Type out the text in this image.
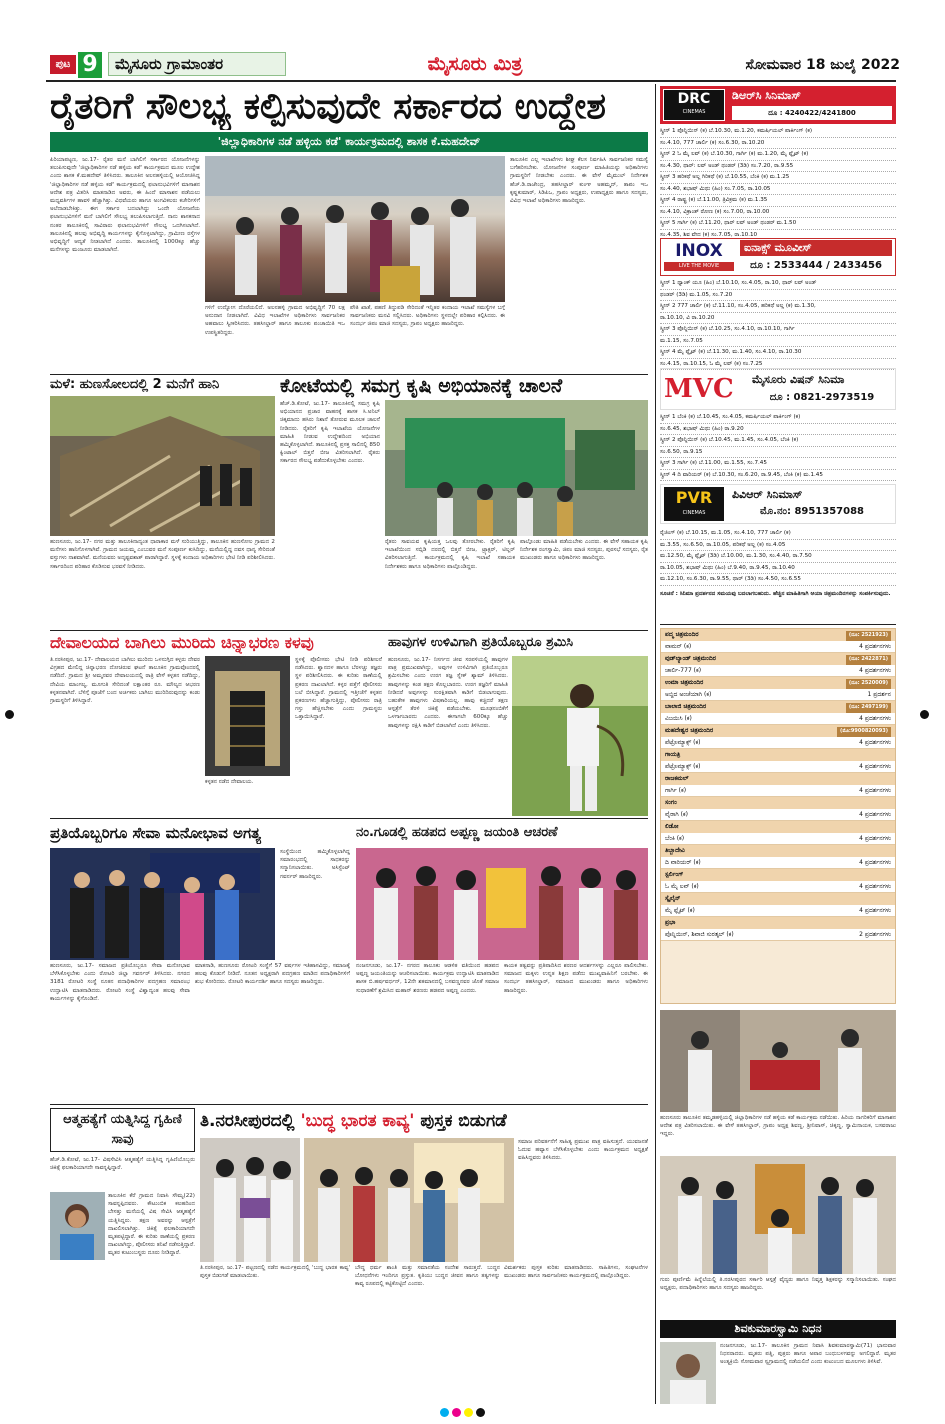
ಪುಟ 9	ಮೈಸೂರು ಗ್ರಾಮಾಂತರ	ಮೈಸೂರು ಮಿತ್ರ	ಸೋಮವಾರ 18 ಜುಲೈ 2022
ರೈತರಿಗೆ ಸೌಲಭ್ಯ ಕಲ್ಪಿಸುವುದೇ ಸರ್ಕಾರದ ಉದ್ದೇಶ
'ಜಿಲ್ಲಾಧಿಕಾರಿಗಳ ನಡೆ ಹಳ್ಳಿಯ ಕಡೆ' ಕಾರ್ಯಕ್ರಮದಲ್ಲಿ ಶಾಸಕ ಕೆ.ಮಹದೇವ್
ಪಿರಿಯಾಪಟ್ಟಣ, ಜು.17- ರೈತರ ಮನೆ ಬಾಗಿಲಿಗೆ ಸರ್ಕಾರದ ಯೋಜನೆಗಳನ್ನು ತಲುಪಿಸುವುದೇ 'ಜಿಲ್ಲಾಧಿಕಾರಿಗಳ ನಡೆ ಹಳ್ಳಿಯ ಕಡೆ' ಕಾರ್ಯಕ್ರಮದ ಮೂಲ ಉದ್ದೇಶ ಎಂದು ಶಾಸಕ ಕೆ.ಮಹದೇವ್ ತಿಳಿಸಿದರು. ತಾಲೂಕಿನ ಅಲನಹಳ್ಳಿಯಲ್ಲಿ ಆಯೋಜಿಸಿದ್ದ 'ಜಿಲ್ಲಾಧಿಕಾರಿಗಳ ನಡೆ ಹಳ್ಳಿಯ ಕಡೆ' ಕಾರ್ಯಕ್ರಮದಲ್ಲಿ ಫಲಾನುಭವಿಗಳಿಗೆ ಮಾಸಾಶನ ಆದೇಶ ಪತ್ರ ವಿತರಿಸಿ ಮಾತನಾಡಿದ ಅವರು, ಈ ಹಿಂದೆ ಮಾಸಾಶನ ಪಡೆಯಲು ಮಧ್ಯವರ್ತಿಗಳ ಹಾವಳಿ ಹೆಚ್ಚಾಗಿತ್ತು. ವಿಧವೆಯರು ಹಾಗೂ ಅಂಗವಿಕಲರು ಕಚೇರಿಗಳಿಗೆ ಅಲೆದಾಡಬೇಕಿತ್ತು. ಈಗ ಸರ್ಕಾರ ಬದಲಾಗಿದ್ದು ಒಂದೇ ಯೋಜನೆಯ ಫಲಾನುಭವಿಗಳಿಗೆ ಮನೆ ಬಾಗಿಲಿಗೆ ಸೌಲಭ್ಯ ತಲುಪಿಸಲಾಗುತ್ತಿದೆ. ನಾನು ಶಾಸಕನಾದ ನಂತರ ತಾಲೂಕಿನಲ್ಲಿ ಸಾವಿರಾರು ಫಲಾನುಭವಿಗಳಿಗೆ ಸೌಲಭ್ಯ ಒದಗಿಸಲಾಗಿದೆ. ತಾಲೂಕಿನಲ್ಲಿ ಹಲವು ಅಭಿವೃದ್ಧಿ ಕಾರ್ಯಗಳನ್ನು ಕೈಗೊಳ್ಳಲಾಗಿದ್ದು, ಗ್ರಾಮೀಣ ರಸ್ತೆಗಳ ಅಭಿವೃದ್ಧಿಗೆ ಆದ್ಯತೆ ನೀಡಲಾಗಿದೆ ಎಂದರು. ತಾಲೂಕಿನಲ್ಲಿ 1000ಕ್ಕೂ ಹೆಚ್ಚು ಮನೆಗಳನ್ನು ಮಂಜೂರು ಮಾಡಲಾಗಿದೆ.
ಗಳಿಗೆ ಉದ್ಯೋಗ ದೊರೆಯಲಿದೆ. ಅಲನಹಳ್ಳಿ ಗ್ರಾಮದ ಅಭಿವೃದ್ಧಿಗೆ 70 ಲಕ್ಷ ಅನುದಾನ ನೀಡಲಾಗಿದೆ. ವಿವಿಧ ಇಲಾಖೆಗಳ ಅಧಿಕಾರಿಗಳು ಸಾರ್ವಜನಿಕರ ಅಹವಾಲು ಸ್ವೀಕರಿಸಿದರು. ತಹಸೀಲ್ದಾರ್ ಹಾಗೂ ತಾಲೂಕು ಪಂಚಾಯಿತಿ ಇಒ ಉಪಸ್ಥಿತರಿದ್ದರು.
ಪೌತಿ ಖಾತೆ, ಪಹಣಿ ತಿದ್ದುಪಡಿ ಸೇರಿದಂತೆ ಇನ್ನಿತರ ಕಂದಾಯ ಇಲಾಖೆ ಸಮಸ್ಯೆಗಳ ಬಗ್ಗೆ ಸಾರ್ವಜನಿಕರು ಮನವಿ ಸಲ್ಲಿಸಿದರು. ಅಧಿಕಾರಿಗಳು ಸ್ಥಳದಲ್ಲೇ ಪರಿಹಾರ ಕಲ್ಪಿಸಿದರು. ಈ ಸಂದರ್ಭ ಜಿಪಂ ಮಾಜಿ ಸದಸ್ಯರು, ಗ್ರಾಪಂ ಅಧ್ಯಕ್ಷರು ಹಾಜರಿದ್ದರು.
ತಾಲೂಕಿನ ಎಲ್ಲ ಇಲಾಖೆಗಳು ಶೀಘ್ರ ಕೆಲಸ ನಿರ್ವಹಿಸಿ ಸಾರ್ವಜನಿಕರ ಸಮಸ್ಯೆ ಬಗೆಹರಿಸಬೇಕು. ಯೋಜನೆಗಳ ಸಂಪೂರ್ಣ ಮಾಹಿತಿಯನ್ನು ಅಧಿಕಾರಿಗಳು ಗ್ರಾಮಸ್ಥರಿಗೆ ನೀಡಬೇಕು ಎಂದರು. ಈ ವೇಳೆ ಮೈಮುಲ್ ನಿರ್ದೇಶಕ ಹೆಚ್.ಡಿ.ರಾಜೇಂದ್ರ, ತಹಸೀಲ್ದಾರ್ ಕುಂಞ ಅಹಮ್ಮದ್, ತಾಪಂ ಇಒ ಕೃಷ್ಣಕುಮಾರ್, ಸಿಡಿಪಿಒ, ಗ್ರಾಪಂ ಅಧ್ಯಕ್ಷರು, ಉಪಾಧ್ಯಕ್ಷರು ಹಾಗೂ ಸದಸ್ಯರು, ವಿವಿಧ ಇಲಾಖೆ ಅಧಿಕಾರಿಗಳು ಹಾಜರಿದ್ದರು.
ಮಳೆ: ಹುಣಸೋಲದಲ್ಲಿ 2 ಮನೆಗೆ ಹಾನಿ
ಹುಣಸೂರು, ಜು.17- ನಗರ ಮತ್ತು ತಾಲೂಕಿನಾದ್ಯಂತ ಧಾರಾಕಾರ ಮಳೆ ಸುರಿಯುತ್ತಿದ್ದು, ತಾಲೂಕಿನ ಹುಣಸೋಲ ಗ್ರಾಮದ 2 ಮನೆಗಳು ಹಾನಿಗೊಳಗಾಗಿವೆ. ಗ್ರಾಮದ ಜಯಮ್ಮ ಎಂಬುವರ ಮನೆ ಸಂಪೂರ್ಣ ಕುಸಿದಿದ್ದು, ಮನೆಯಲ್ಲಿದ್ದ ದವಸ ಧಾನ್ಯ ಸೇರಿದಂತೆ ವಸ್ತುಗಳು ನಾಶವಾಗಿವೆ. ಮನೆಯವರು ಅದೃಷ್ಟವಶಾತ್ ಪಾರಾಗಿದ್ದಾರೆ. ಸ್ಥಳಕ್ಕೆ ಕಂದಾಯ ಅಧಿಕಾರಿಗಳು ಭೇಟಿ ನೀಡಿ ಪರಿಶೀಲಿಸಿದರು. ಸರ್ಕಾರದಿಂದ ಪರಿಹಾರ ಕೊಡಿಸುವ ಭರವಸೆ ನೀಡಿದರು.
ಕೋಟೆಯಲ್ಲಿ ಸಮಗ್ರ ಕೃಷಿ ಅಭಿಯಾನಕ್ಕೆ ಚಾಲನೆ
ಹೆಚ್.ಡಿ.ಕೋಟೆ, ಜು.17- ತಾಲೂಕಿನಲ್ಲಿ ಸಮಗ್ರ ಕೃಷಿ ಅಭಿಯಾನದ ಪ್ರಚಾರ ವಾಹನಕ್ಕೆ ಶಾಸಕ ಸಿ.ಅನಿಲ್ ಚಿಕ್ಕಮಾದು ಹಸಿರು ನಿಶಾನೆ ತೋರುವ ಮೂಲಕ ಚಾಲನೆ ನೀಡಿದರು. ರೈತರಿಗೆ ಕೃಷಿ ಇಲಾಖೆಯ ಯೋಜನೆಗಳ ಮಾಹಿತಿ ನೀಡುವ ಉದ್ದೇಶದಿಂದ ಅಭಿಯಾನ ಹಮ್ಮಿಕೊಳ್ಳಲಾಗಿದೆ. ತಾಲೂಕಿನಲ್ಲಿ ಪ್ರಸಕ್ತ ಸಾಲಿನಲ್ಲಿ 850 ಕ್ವಿಂಟಾಲ್ ಬಿತ್ತನೆ ಬೀಜ ವಿತರಿಸಲಾಗಿದೆ. ರೈತರು ಸರ್ಕಾರದ ಸೌಲಭ್ಯ ಪಡೆದುಕೊಳ್ಳಬೇಕು ಎಂದರು.
ರೈತರು ಸಾವಯವ ಕೃಷಿಯತ್ತ ಒಲವು ತೋರಬೇಕು. ರೈತರಿಗೆ ಕೃಷಿ ಇಲಾಖೆಯಿಂದ ಸಬ್ಸಿಡಿ ದರದಲ್ಲಿ ಬಿತ್ತನೆ ಬೀಜ, ಟ್ರ್ಯಾಕ್ಟರ್, ಟಿಲ್ಲರ್ ವಿತರಿಸಲಾಗುತ್ತಿದೆ. ಕಾರ್ಯಕ್ರಮದಲ್ಲಿ ಕೃಷಿ ಇಲಾಖೆ ಸಹಾಯಕ ನಿರ್ದೇಶಕರು ಹಾಗೂ ಅಧಿಕಾರಿಗಳು ಪಾಲ್ಗೊಂಡಿದ್ದರು.
ಪಾಲ್ಗೊಂಡು ಮಾಹಿತಿ ಪಡೆಯಬೇಕು ಎಂದರು. ಈ ವೇಳೆ ಸಹಾಯಕ ಕೃಷಿ ನಿರ್ದೇಶಕ ರಂಗಸ್ವಾಮಿ, ಜಿಪಂ ಮಾಜಿ ಸದಸ್ಯರು, ಪುರಸಭೆ ಸದಸ್ಯರು, ರೈತ ಮುಖಂಡರು ಹಾಗೂ ಅಧಿಕಾರಿಗಳು ಹಾಜರಿದ್ದರು.
ದೇವಾಲಯದ ಬಾಗಿಲು ಮುರಿದು ಚಿನ್ನಾಭರಣ ಕಳವು
ತಿ.ನರಸೀಪುರ, ಜು.17- ದೇವಾಲಯದ ಬಾಗಿಲು ಮುರಿದು ಒಳನುಗ್ಗಿದ ಕಳ್ಳರು ದೇವರ ವಿಗ್ರಹದ ಮೇಲಿದ್ದ ಚಿನ್ನಾಭರಣ ದೋಚಿರುವ ಘಟನೆ ತಾಲೂಕಿನ ಗ್ರಾಮವೊಂದರಲ್ಲಿ ನಡೆದಿದೆ. ಗ್ರಾಮದ ಶ್ರೀ ಅಮ್ಮನವರ ದೇವಾಲಯದಲ್ಲಿ ರಾತ್ರಿ ವೇಳೆ ಕಳ್ಳತನ ನಡೆದಿದ್ದು, ದೇವಿಯ ಮಾಂಗಲ್ಯ, ಮೂಗುತಿ ಸೇರಿದಂತೆ ಲಕ್ಷಾಂತರ ರೂ. ಮೌಲ್ಯದ ಆಭರಣ ಕಳ್ಳತನವಾಗಿದೆ. ಬೆಳಿಗ್ಗೆ ಪೂಜೆಗೆ ಬಂದ ಅರ್ಚಕರು ಬಾಗಿಲು ಮುರಿದಿರುವುದನ್ನು ಕಂಡು ಗ್ರಾಮಸ್ಥರಿಗೆ ತಿಳಿಸಿದ್ದಾರೆ.
ಕಳ್ಳತನ ನಡೆದ ದೇವಾಲಯ.
ಸ್ಥಳಕ್ಕೆ ಪೊಲೀಸರು ಭೇಟಿ ನೀಡಿ ಪರಿಶೀಲನೆ ನಡೆಸಿದರು. ಶ್ವಾನದಳ ಹಾಗೂ ಬೆರಳಚ್ಚು ತಜ್ಞರು ಸ್ಥಳ ಪರಿಶೀಲಿಸಿದರು. ಈ ಕುರಿತು ಠಾಣೆಯಲ್ಲಿ ಪ್ರಕರಣ ದಾಖಲಾಗಿದೆ. ಕಳ್ಳರ ಪತ್ತೆಗೆ ಪೊಲೀಸರು ಬಲೆ ಬೀಸಿದ್ದಾರೆ. ಗ್ರಾಮದಲ್ಲಿ ಇತ್ತೀಚೆಗೆ ಕಳ್ಳತನ ಪ್ರಕರಣಗಳು ಹೆಚ್ಚಾಗುತ್ತಿದ್ದು, ಪೊಲೀಸರು ರಾತ್ರಿ ಗಸ್ತು ಹೆಚ್ಚಿಸಬೇಕು ಎಂದು ಗ್ರಾಮಸ್ಥರು ಒತ್ತಾಯಿಸಿದ್ದಾರೆ.
ಹಾವುಗಳ ಉಳಿವಿಗಾಗಿ ಪ್ರತಿಯೊಬ್ಬರೂ ಶ್ರಮಿಸಿ
ಹುಣಸೂರು, ಜು.17- ನಿಸರ್ಗದ ಜೀವ ಸರಪಳಿಯಲ್ಲಿ ಹಾವುಗಳ ಪಾತ್ರ ಪ್ರಮುಖವಾಗಿದ್ದು, ಅವುಗಳ ಉಳಿವಿಗಾಗಿ ಪ್ರತಿಯೊಬ್ಬರೂ ಶ್ರಮಿಸಬೇಕು ಎಂದು ಉರಗ ತಜ್ಞ ಸ್ನೇಕ್ ಶ್ಯಾಮ್ ತಿಳಿಸಿದರು. ಹಾವುಗಳನ್ನು ಕಂಡ ತಕ್ಷಣ ಕೊಲ್ಲಬಾರದು. ಉರಗ ತಜ್ಞರಿಗೆ ಮಾಹಿತಿ ನೀಡಿದರೆ ಅವುಗಳನ್ನು ಸುರಕ್ಷಿತವಾಗಿ ಕಾಡಿಗೆ ಬಿಡಲಾಗುವುದು. ಬಹುತೇಕ ಹಾವುಗಳು ವಿಷಕಾರಿಯಲ್ಲ. ಹಾವು ಕಚ್ಚಿದರೆ ತಕ್ಷಣ ಆಸ್ಪತ್ರೆಗೆ ತೆರಳಿ ಚಿಕಿತ್ಸೆ ಪಡೆಯಬೇಕು. ಮೂಢನಂಬಿಕೆಗೆ ಒಳಗಾಗಬಾರದು ಎಂದರು. ಈಗಾಗಲೇ 600ಕ್ಕೂ ಹೆಚ್ಚು ಹಾವುಗಳನ್ನು ರಕ್ಷಿಸಿ ಕಾಡಿಗೆ ಬಿಡಲಾಗಿದೆ ಎಂದು ತಿಳಿಸಿದರು.
ಪ್ರತಿಯೊಬ್ಬರಿಗೂ ಸೇವಾ ಮನೋಭಾವ ಅಗತ್ಯ
ಸಂಸ್ಥೆಯಿಂದ ಹಮ್ಮಿಕೊಳ್ಳಲಾಗಿದ್ದ ಸಮಾರಂಭದಲ್ಲಿ ಸಾಧಕರನ್ನು ಸನ್ಮಾನಿಸಲಾಯಿತು. ಅಸಿಸ್ಟೆಂಟ್ ಗವರ್ನರ್ ಹಾಜರಿದ್ದರು.
ಹುಣಸೂರು, ಜು.17- ಸಮಾಜದ ಪ್ರತಿಯೊಬ್ಬರೂ ಸೇವಾ ಮನೋಭಾವ ಬೆಳೆಸಿಕೊಳ್ಳಬೇಕು ಎಂದು ರೋಟರಿ ಜಿಲ್ಲಾ ಗವರ್ನರ್ ತಿಳಿಸಿದರು. ನಗರದ 3181 ರೋಟರಿ ಸಂಸ್ಥೆ ನೂತನ ಪದಾಧಿಕಾರಿಗಳ ಪದಗ್ರಹಣ ಸಮಾರಂಭ ಉದ್ಘಾಟಿಸಿ ಮಾತನಾಡಿದರು. ರೋಟರಿ ಸಂಸ್ಥೆ ವಿಶ್ವಾದ್ಯಂತ ಹಲವು ಸೇವಾ ಕಾರ್ಯಗಳನ್ನು ಕೈಗೊಂಡಿದೆ.
ಮಾತನಾಡಿ, ಹುಣಸೂರು ರೋಟರಿ ಸಂಸ್ಥೆಗೆ 57 ವರ್ಷಗಳ ಇತಿಹಾಸವಿದ್ದು, ಸಮಾಜಕ್ಕೆ ಹಲವು ಕೊಡುಗೆ ನೀಡಿದೆ. ನೂತನ ಅಧ್ಯಕ್ಷರಾಗಿ ಪದಗ್ರಹಣ ಮಾಡಿದ ಪದಾಧಿಕಾರಿಗಳಿಗೆ ಶುಭ ಕೋರಿದರು. ರೋಟರಿ ಕಾರ್ಯದರ್ಶಿ ಹಾಗೂ ಸದಸ್ಯರು ಹಾಜರಿದ್ದರು.
ನಂ.ಗೂಡಲ್ಲಿ ಹಡಪದ ಅಪ್ಪಣ್ಣ ಜಯಂತಿ ಆಚರಣೆ
ನಂಜನಗೂಡು, ಜು.17- ನಗರದ ತಾಲೂಕು ಆಡಳಿತ ವತಿಯಿಂದ ಹಡಪದ ಅಪ್ಪಣ್ಣ ಜಯಂತಿಯನ್ನು ಆಚರಿಸಲಾಯಿತು. ಕಾರ್ಯಕ್ರಮ ಉದ್ಘಾಟಿಸಿ ಮಾತನಾಡಿದ ಶಾಸಕ ಬಿ.ಹರ್ಷವರ್ಧನ್, 12ನೇ ಶತಮಾನದಲ್ಲಿ ಬಸವಣ್ಣನವರ ಜೊತೆ ಸಮಾಜ ಸುಧಾರಣೆಗೆ ಶ್ರಮಿಸಿದ ಮಹಾನ್ ಶರಣರು ಹಡಪದ ಅಪ್ಪಣ್ಣ ಎಂದರು.
ಕಾಯಕ ತತ್ವವನ್ನು ಪ್ರತಿಪಾದಿಸಿದ ಶರಣರ ಆದರ್ಶಗಳನ್ನು ಎಲ್ಲರೂ ಪಾಲಿಸಬೇಕು. ಸಮಾಜದ ಮಕ್ಕಳು ಉನ್ನತ ಶಿಕ್ಷಣ ಪಡೆದು ಮುಖ್ಯವಾಹಿನಿಗೆ ಬರಬೇಕು. ಈ ಸಂದರ್ಭ ತಹಸೀಲ್ದಾರ್, ಸಮಾಜದ ಮುಖಂಡರು ಹಾಗೂ ಅಧಿಕಾರಿಗಳು ಹಾಜರಿದ್ದರು.
ಆತ್ಮಹತ್ಯೆಗೆ ಯತ್ನಿಸಿದ್ದ ಗೃಹಿಣಿ ಸಾವು
ಹೆಚ್.ಡಿ.ಕೋಟೆ, ಜು.17- ವಿಷಸೇವಿಸಿ ಆತ್ಮಹತ್ಯೆಗೆ ಯತ್ನಿಸಿದ್ದ ಗೃಹಿಣಿಯೊಬ್ಬರು ಚಿಕಿತ್ಸೆ ಫಲಕಾರಿಯಾಗದೇ ಸಾವನ್ನಪ್ಪಿದ್ದಾರೆ.
ತಾಲೂಕಿನ ಕೆರೆ ಗ್ರಾಮದ ನಿವಾಸಿ ಸೌಮ್ಯ(22) ಸಾವನ್ನಪ್ಪಿದವರು. ಕೌಟುಂಬಿಕ ಕಲಹದಿಂದ ಬೇಸತ್ತು ಮನೆಯಲ್ಲಿ ವಿಷ ಸೇವಿಸಿ ಆತ್ಮಹತ್ಯೆಗೆ ಯತ್ನಿಸಿದ್ದರು. ತಕ್ಷಣ ಅವರನ್ನು ಆಸ್ಪತ್ರೆಗೆ ದಾಖಲಿಸಲಾಗಿತ್ತು. ಚಿಕಿತ್ಸೆ ಫಲಕಾರಿಯಾಗದೇ ಮೃತಪಟ್ಟಿದ್ದಾರೆ. ಈ ಕುರಿತು ಠಾಣೆಯಲ್ಲಿ ಪ್ರಕರಣ ದಾಖಲಾಗಿದ್ದು, ಪೊಲೀಸರು ತನಿಖೆ ನಡೆಸುತ್ತಿದ್ದಾರೆ. ಮೃತರ ಕುಟುಂಬಸ್ಥರು ದೂರು ನೀಡಿದ್ದಾರೆ.
ತಿ.ನರಸೀಪುರದಲ್ಲಿ 'ಬುದ್ಧ ಭಾರತ ಕಾವ್ಯ' ಪುಸ್ತಕ ಬಿಡುಗಡೆ
ಸಮಾಜ ಪರಿವರ್ತನೆಗೆ ಸಾಹಿತ್ಯ ಪ್ರಮುಖ ಪಾತ್ರ ವಹಿಸುತ್ತದೆ. ಯುವಜನತೆ ಓದುವ ಹವ್ಯಾಸ ಬೆಳೆಸಿಕೊಳ್ಳಬೇಕು ಎಂದು ಕಾರ್ಯಕ್ರಮದ ಅಧ್ಯಕ್ಷತೆ ವಹಿಸಿದ್ದವರು ತಿಳಿಸಿದರು.
ತಿ.ನರಸೀಪುರ, ಜು.17- ಪಟ್ಟಣದಲ್ಲಿ ನಡೆದ ಕಾರ್ಯಕ್ರಮದಲ್ಲಿ 'ಬುದ್ಧ ಭಾರತ ಕಾವ್ಯ' ಪುಸ್ತಕ ಬಿಡುಗಡೆ ಮಾಡಲಾಯಿತು.
ಬೌದ್ಧ ಧರ್ಮ ಶಾಂತಿ ಮತ್ತು ಸಮಾನತೆಯ ಸಂದೇಶ ಸಾರುತ್ತದೆ. ಬುದ್ಧನ ಬೋಧನೆಗಳು ಇಂದಿಗೂ ಪ್ರಸ್ತುತ. ಕೃತಿಯು ಬುದ್ಧನ ಜೀವನ ಹಾಗೂ ತತ್ವಗಳನ್ನು ಕಾವ್ಯ ರೂಪದಲ್ಲಿ ಕಟ್ಟಿಕೊಟ್ಟಿದೆ ಎಂದರು.
ವಿಮರ್ಶಕರು ಪುಸ್ತಕ ಕುರಿತು ಮಾತನಾಡಿದರು. ಸಾಹಿತಿಗಳು, ಸಂಘಟನೆಗಳ ಮುಖಂಡರು ಹಾಗೂ ಸಾರ್ವಜನಿಕರು ಕಾರ್ಯಕ್ರಮದಲ್ಲಿ ಪಾಲ್ಗೊಂಡಿದ್ದರು.
DRC
CINEMAS
ಡಿಆರ್‌ಸಿ ಸಿನಿಮಾಸ್
ದೂ : 4240422/4241800
ಸ್ಕ್ರೀನ್ 1 ಪೊನ್ನಿಯಿನ್ (ಕ) ಬೆ.10.30, ಮ.1.20, ಕಮರ್ಷಿಯಲ್ ಪಾರ್ಕಿಂಗ್ (ಕ)
ಸಂ.4.10, 777 ಚಾರ್ಲಿ (ಕ) ಸಂ.6.30, ರಾ.10.20
ಸ್ಕ್ರೀನ್ 2 ಓ ಮೈ ಲವ್ (ಕ) ಬೆ.10.30, ಗಾರ್ಗಿ (ಕ) ಮ.1.20, ಮೈ ಫ್ಲೈಟ್ (ಕ)
ಸಂ.4.30, ಥಾರ್: ಲವ್ ಅಂಡ್ ಥಂಡರ್ (3ಡಿ) ಸಂ.7.20, ರಾ.9.55
ಸ್ಕ್ರೀನ್ 3 ಹರಿಕಥೆ ಅಲ್ಲ ಗಿರಿಕಥೆ (ಕ) ಬೆ.10.55, ಬೆಂಕಿ (ಕ) ಮ.1.25
ಸಂ.4.40, ಶಭಾಷ್ ಮಿಥು (ಹಿಂ) ಸಂ.7.05, ರಾ.10.05
ಸ್ಕ್ರೀನ್ 4 ರಾಷ್ಟ್ರ (ಕ) ಬೆ.11.00, ತ್ರಿವಿಕ್ರಮ (ಕ) ಮ.1.35
ಸಂ.4.10, ವಿಕ್ರಾಂತ್ ರೋಣ (ಕ) ಸಂ.7.00, ರಾ.10.00
ಸ್ಕ್ರೀನ್ 5 ಗಾರ್ಗಿ (ಕ) ಬೆ.11.20, ಥಾರ್ ಲವ್ ಅಂಡ್ ಥಂಡರ್ ಮ.1.50
ಸಂ.4.35, ಶಿವ ವೇದ (ಕ) ಸಂ.7.05, ರಾ.10.10
INOX
LIVE THE MOVIE
ಐನಾಕ್ಸ್ ಮೂವೀಸ್
ದೂ : 2533444 / 2433456
ಸ್ಕ್ರೀನ್ 1 ಥ್ಯಾಂಕ್ ಯೂ (ಹಿಂ) ಬೆ.10.10, ಸಂ.4.05, ರಾ.10, ಥಾರ್ ಲವ್ ಅಂಡ್
ಥಂಡರ್ (3ಡಿ) ಮ.1.05, ಸಂ.7.20
ಸ್ಕ್ರೀನ್ 2 777 ಚಾರ್ಲಿ (ಕ) ಬೆ.11.10, ಸಂ.4.05, ಹರಿಕಥೆ ಅಲ್ಲ (ಕ) ಮ.1.30,
ರಾ.10.10, ವಿ ರಾ.10.20
ಸ್ಕ್ರೀನ್ 3 ಪೊನ್ನಿಯಿನ್ (ಕ) ಬೆ.10.25, ಸಂ.4.10, ರಾ.10.10, ಗಾರ್ಗಿ
ಮ.1.15, ಸಂ.7.05
ಸ್ಕ್ರೀನ್ 4 ಮೈ ಫ್ಲೈಟ್ (ಕ) ಬೆ.11.30, ಮ.1.40, ಸಂ.4.10, ರಾ.10.30
ಸಂ.4.15, ರಾ.10.15, ಓ ಮೈ ಲವ್ (ಕ) ಸಂ.7.25
MVC	ಮೈಸೂರು ವಿಷನ್ ಸಿನಿಮಾ
ದೂ : 0821-2973519
ಸ್ಕ್ರೀನ್ 1 ಬೆಂಕಿ (ಕ) ಬೆ.10.45, ಸಂ.4.05, ಕಮರ್ಷಿಯಲ್ ಪಾರ್ಕಿಂಗ್ (ಕ)
ಸಂ.6.45, ಶಭಾಷ್ ಮಿಥು (ಹಿಂ) ರಾ.9.20
ಸ್ಕ್ರೀನ್ 2 ಪೊನ್ನಿಯಿನ್ (ಕ) ಬೆ.10.45, ಮ.1.45, ಸಂ.4.05, ಬೆಂಕಿ (ಕ)
ಸಂ.6.50, ರಾ.9.15
ಸ್ಕ್ರೀನ್ 3 ಗಾರ್ಗಿ (ಕ) ಬೆ.11.00, ಮ.1.55, ಸಂ.7.45
ಸ್ಕ್ರೀನ್ 4 ದಿ ವಾರಿಯರ್ (ಕ) ಬೆ.10.30, ಸಂ.6.20, ರಾ.9.45, ಬೆಂಕಿ (ಕ) ಮ.1.45
PVR
CINEMAS
ಪಿವಿಆರ್ ಸಿನಿಮಾಸ್
ಮೊ.ನಂ: 8951357088
ರೈಜಿಂಗ್ (ಕ) ಬೆ.10.15, ಮ.1.05, ಸಂ.4.10, 777 ಚಾರ್ಲಿ (ಕ)
ಮ.3.55, ಸಂ.6.50, ರಾ.10.05, ಪರಿಕಥೆ ಅಲ್ಲ (ಕ) ಸಂ.4.05
ಮ.12.50, ಮೈ ಫ್ಲೈಟ್ (3ಡಿ) ಬೆ.10.00, ಮ.1.30, ಸಂ.4.40, ರಾ.7.50
ರಾ.10.05, ಶಭಾಷ್ ಮಿಥು (ಹಿಂ) ಬೆ.9.40, ರಾ.9.45, ರಾ.10.40
ಮ.12.10, ಸಂ.6.30, ರಾ.9.55, ಥಾರ್ (3ಡಿ) ಸಂ.4.50, ಸಂ.6.55
ಸೂಚನೆ : ಸಿನಿಮಾ ಪ್ರದರ್ಶನದ ಸಮಯವು ಬದಲಾಗಬಹುದು. ಹೆಚ್ಚಿನ ಮಾಹಿತಿಗಾಗಿ ಆಯಾ ಚಿತ್ರಮಂದಿರಗಳನ್ನು ಸಂಪರ್ಕಿಸುವುದು.
ಪದ್ಮ ಚಿತ್ರಮಂದಿರ	(ದೂ: 2521923)
ವಾಮನ್ (ಕ)	4 ಪ್ರದರ್ಶನಗಳು
ವುಡ್‌ಲ್ಯಾಂಡ್ ಚಿತ್ರಮಂದಿರ	(ದೂ: 2422871)
ಚಾರ್ಲಿ-777 (ಕ)	4 ಪ್ರದರ್ಶನಗಳು
ಉಮಾ ಚಿತ್ರಮಂದಿರ	(ದೂ: 2520009)
ಅಬ್ದಿದ ಅಂಚೆಯಾಗಿ (ಕ)	1 ಪ್ರದರ್ಶನ
ಬಾಲಾಜಿ ಚಿತ್ರಮಂದಿರ	(ದೂ: 2497199)
ವಿಜಯಿಸಿ (ಕ)	4 ಪ್ರದರ್ಶನಗಳು
ಮಹದೇಶ್ವರ ಚಿತ್ರಮಂದಿರ	(ಮೊ:9900820093)
ಪೆಟ್ರೊಮ್ಯಾಕ್ಸ್ (ಕ)	4 ಪ್ರದರ್ಶನಗಳು
ಗಾಯತ್ರಿ
ಪೆಟ್ರೊಮ್ಯಾಕ್ಸ್ (ಕ)	4 ಪ್ರದರ್ಶನಗಳು
ರಾಜಕಮಲ್
ಗಾರ್ಗಿ (ಕ)	4 ಪ್ರದರ್ಶನಗಳು
ಸಂಗಂ
ವೈರಾಗಿ (ಕ)	4 ಪ್ರದರ್ಶನಗಳು
ಲಿಡೋ
ಬೆಂಕಿ (ಕ)	4 ಪ್ರದರ್ಶನಗಳು
ತಿಬ್ಬಾದೇವಿ
ದಿ ವಾರಿಯರ್ (ಕ)	4 ಪ್ರದರ್ಶನಗಳು
ಸ್ಟರ್ಲಿಂಗ್
ಓ ಮೈ ಲವ್ (ಕ)	4 ಪ್ರದರ್ಶನಗಳು
ಸ್ಕೈಲೈನ್
ಮೈ ಫ್ಲೈಟ್ (ಕ)	4 ಪ್ರದರ್ಶನಗಳು
ಪ್ರಭಾ
ಪೊನ್ನಿಯಿನ್, ಶಿವಾಜಿ ಸುರತ್ಕಲ್ (ಕ)	2 ಪ್ರದರ್ಶನಗಳು
ಹುಣಸೂರು ತಾಲೂಕಿನ ತಮ್ಮಡಹಳ್ಳಿಯಲ್ಲಿ ಜಿಲ್ಲಾಧಿಕಾರಿಗಳ ನಡೆ ಹಳ್ಳಿಯ ಕಡೆ ಕಾರ್ಯಕ್ರಮ ನಡೆಯಿತು. ಹಿರಿಯ ನಾಗರಿಕರಿಗೆ ಮಾಸಾಶನ ಆದೇಶ ಪತ್ರ ವಿತರಿಸಲಾಯಿತು. ಈ ವೇಳೆ ತಹಸೀಲ್ದಾರ್, ಗ್ರಾಪಂ ಅಧ್ಯಕ್ಷ ಶಿವಣ್ಣ, ಶ್ರೀನಿವಾಸ್, ಚಿಕ್ಕಣ್ಣ, ಸ್ವಾಮಿನಾಯಕ, ಬಸವರಾಜು ಇದ್ದರು.
ಗುರು ಪೂರ್ಣಿಮೆ ಹಿನ್ನೆಲೆಯಲ್ಲಿ ತಿ.ನರಸೀಪುರದ ಸರ್ಕಾರಿ ಆಸ್ಪತ್ರೆ ವೈದ್ಯರು ಹಾಗೂ ನಿವೃತ್ತ ಶಿಕ್ಷಕರನ್ನು ಸನ್ಮಾನಿಸಲಾಯಿತು. ಸಂಘದ ಅಧ್ಯಕ್ಷರು, ಪದಾಧಿಕಾರಿಗಳು ಹಾಗೂ ಸದಸ್ಯರು ಹಾಜರಿದ್ದರು.
ಶಿವಕುಮಾರಸ್ವಾಮಿ ನಿಧನ
ನಂಜನಗೂಡು, ಜು.17- ತಾಲೂಕಿನ ಗ್ರಾಮದ ನಿವಾಸಿ ಶಿವಕುಮಾರಸ್ವಾಮಿ(71) ಭಾನುವಾರ ನಿಧನರಾದರು. ಮೃತರು ಪತ್ನಿ, ಪುತ್ರರು ಹಾಗೂ ಅಪಾರ ಬಂಧುಬಳಗವನ್ನು ಅಗಲಿದ್ದಾರೆ. ಮೃತರ ಅಂತ್ಯಕ್ರಿಯೆ ಸೋಮವಾರ ಸ್ವಗ್ರಾಮದಲ್ಲಿ ನಡೆಯಲಿದೆ ಎಂದು ಕುಟುಂಬದ ಮೂಲಗಳು ತಿಳಿಸಿವೆ.
